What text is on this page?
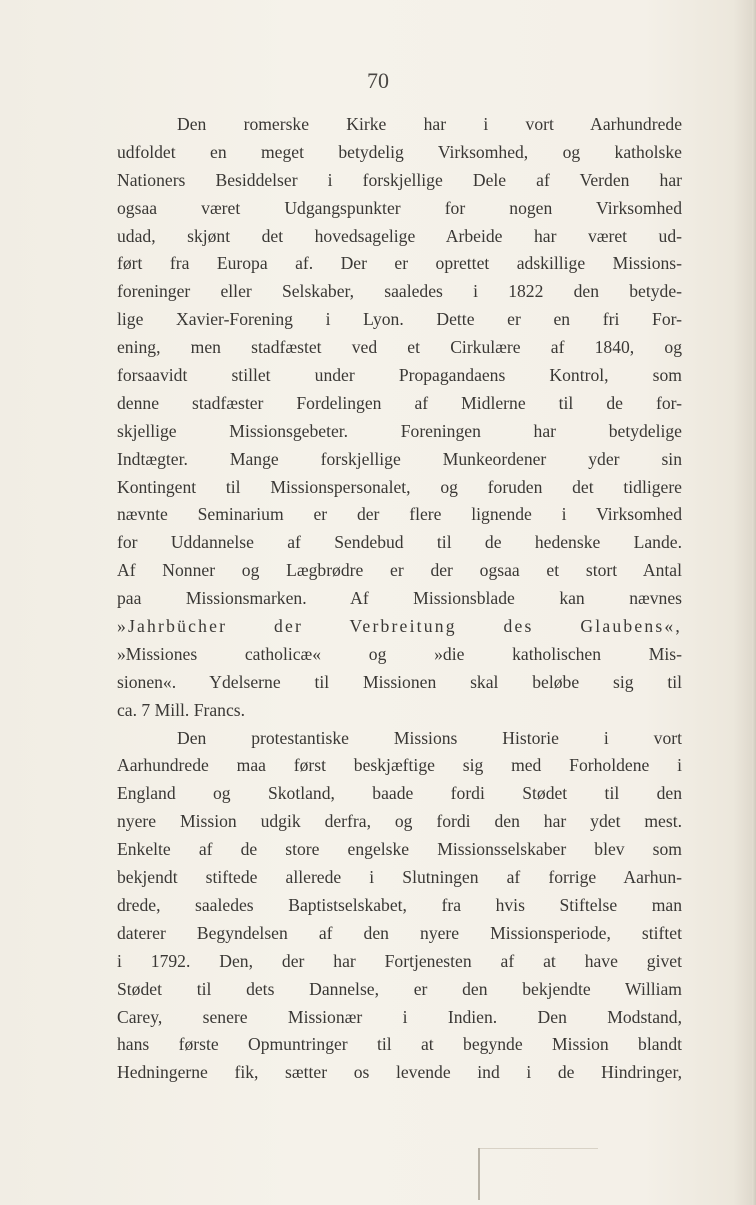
70
Den romerske Kirke har i vort Aarhundrede
udfoldet en meget betydelig Virksomhed, og katholske
Nationers Besiddelser i forskjellige Dele af Verden har
ogsaa været Udgangspunkter for nogen Virksomhed
udad, skjønt det hovedsagelige Arbeide har været ud-
ført fra Europa af. Der er oprettet adskillige Missions-
foreninger eller Selskaber, saaledes i 1822 den betyde-
lige Xavier-Forening i Lyon. Dette er en fri For-
ening, men stadfæstet ved et Cirkulære af 1840, og
forsaavidt stillet under Propagandaens Kontrol, som
denne stadfæster Fordelingen af Midlerne til de for-
skjellige Missionsgebeter. Foreningen har betydelige
Indtægter. Mange forskjellige Munkeordener yder sin
Kontingent til Missionspersonalet, og foruden det tidligere
nævnte Seminarium er der flere lignende i Virksomhed
for Uddannelse af Sendebud til de hedenske Lande.
Af Nonner og Lægbrødre er der ogsaa et stort Antal
paa Missionsmarken. Af Missionsblade kan nævnes
»Jahrbücher der Verbreitung des Glaubens«,
»Missiones catholicæ« og »die katholischen Mis-
sionen«. Ydelserne til Missionen skal beløbe sig til
ca. 7 Mill. Francs.
Den protestantiske Missions Historie i vort
Aarhundrede maa først beskjæftige sig med Forholdene i
England og Skotland, baade fordi Stødet til den
nyere Mission udgik derfra, og fordi den har ydet mest.
Enkelte af de store engelske Missionsselskaber blev som
bekjendt stiftede allerede i Slutningen af forrige Aarhun-
drede, saaledes Baptistselskabet, fra hvis Stiftelse man
daterer Begyndelsen af den nyere Missionsperiode, stiftet
i 1792. Den, der har Fortjenesten af at have givet
Stødet til dets Dannelse, er den bekjendte William
Carey, senere Missionær i Indien. Den Modstand,
hans første Opmuntringer til at begynde Mission blandt
Hedningerne fik, sætter os levende ind i de Hindringer,
